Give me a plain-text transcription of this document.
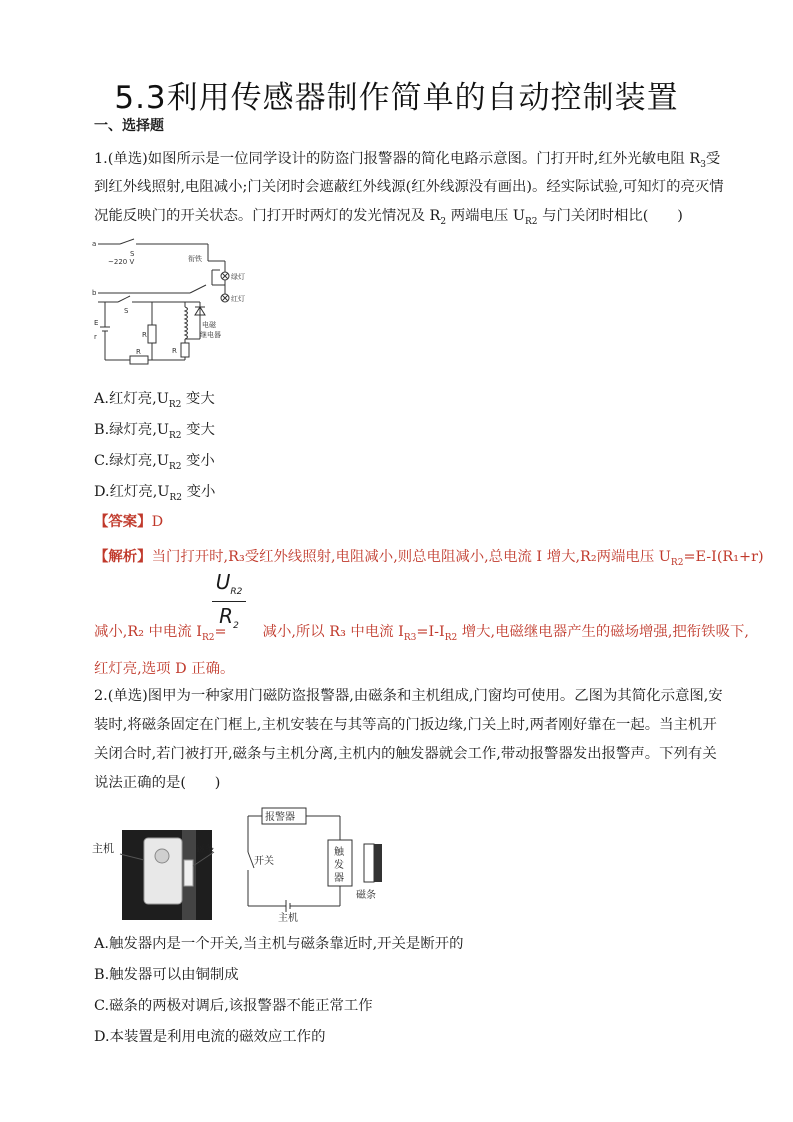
5.3利用传感器制作简单的自动控制装置
一、选择题
1.(单选)如图所示是一位同学设计的防盗门报警器的简化电路示意图。门打开时,红外光敏电阻 $R_3$受
到红外线照射,电阻减小;门关闭时会遮蔽红外线源(红外线源没有画出)。经实际试验,可知灯的亮灭情
况能反映门的开关状态。门打开时两灯的发光情况及 $R_2$ 两端电压 $U_{R2}$ 与门关闭时相比(　　)
a
b
S
~220 V	衔铁
绿灯
红灯
S
电磁
继电器
E
r	R
R
R
A.红灯亮$,U_{R2}$ 变大
B.绿灯亮$,U_{R2}$ 变大
C.绿灯亮$,U_{R2}$ 变小
D.红灯亮$,U_{R2}$ 变小
【答案】D
【解析】当门打开时,R₃受红外线照射,电阻减小,则总电阻减小,总电流 I 增大,R₂两端电压 $U_{R2}=E-I(R_1+r)$
$\frac{U_{R2}}{R_2}$
减小,R₂ 中电流 $I_{R2}=$	减小,所以 R₃ 中电流 $I_{R3}=I-I_{R2}$ 增大,电磁继电器产生的磁场增强,把衔铁吸下,
红灯亮,选项 D 正确。
2.(单选)图甲为一种家用门磁防盗报警器,由磁条和主机组成,门窗均可使用。乙图为其简化示意图,安
装时,将磁条固定在门框上,主机安装在与其等高的门扳边缘,门关上时,两者刚好靠在一起。当主机开
关闭合时,若门被打开,磁条与主机分离,主机内的触发器就会工作,带动报警器发出报警声。下列有关
说法正确的是(　　)
主机	磁条
报警器
开关
触
发
器
主机
磁条
A.触发器内是一个开关,当主机与磁条靠近时,开关是断开的
B.触发器可以由铜制成
C.磁条的两极对调后,该报警器不能正常工作
D.本装置是利用电流的磁效应工作的
